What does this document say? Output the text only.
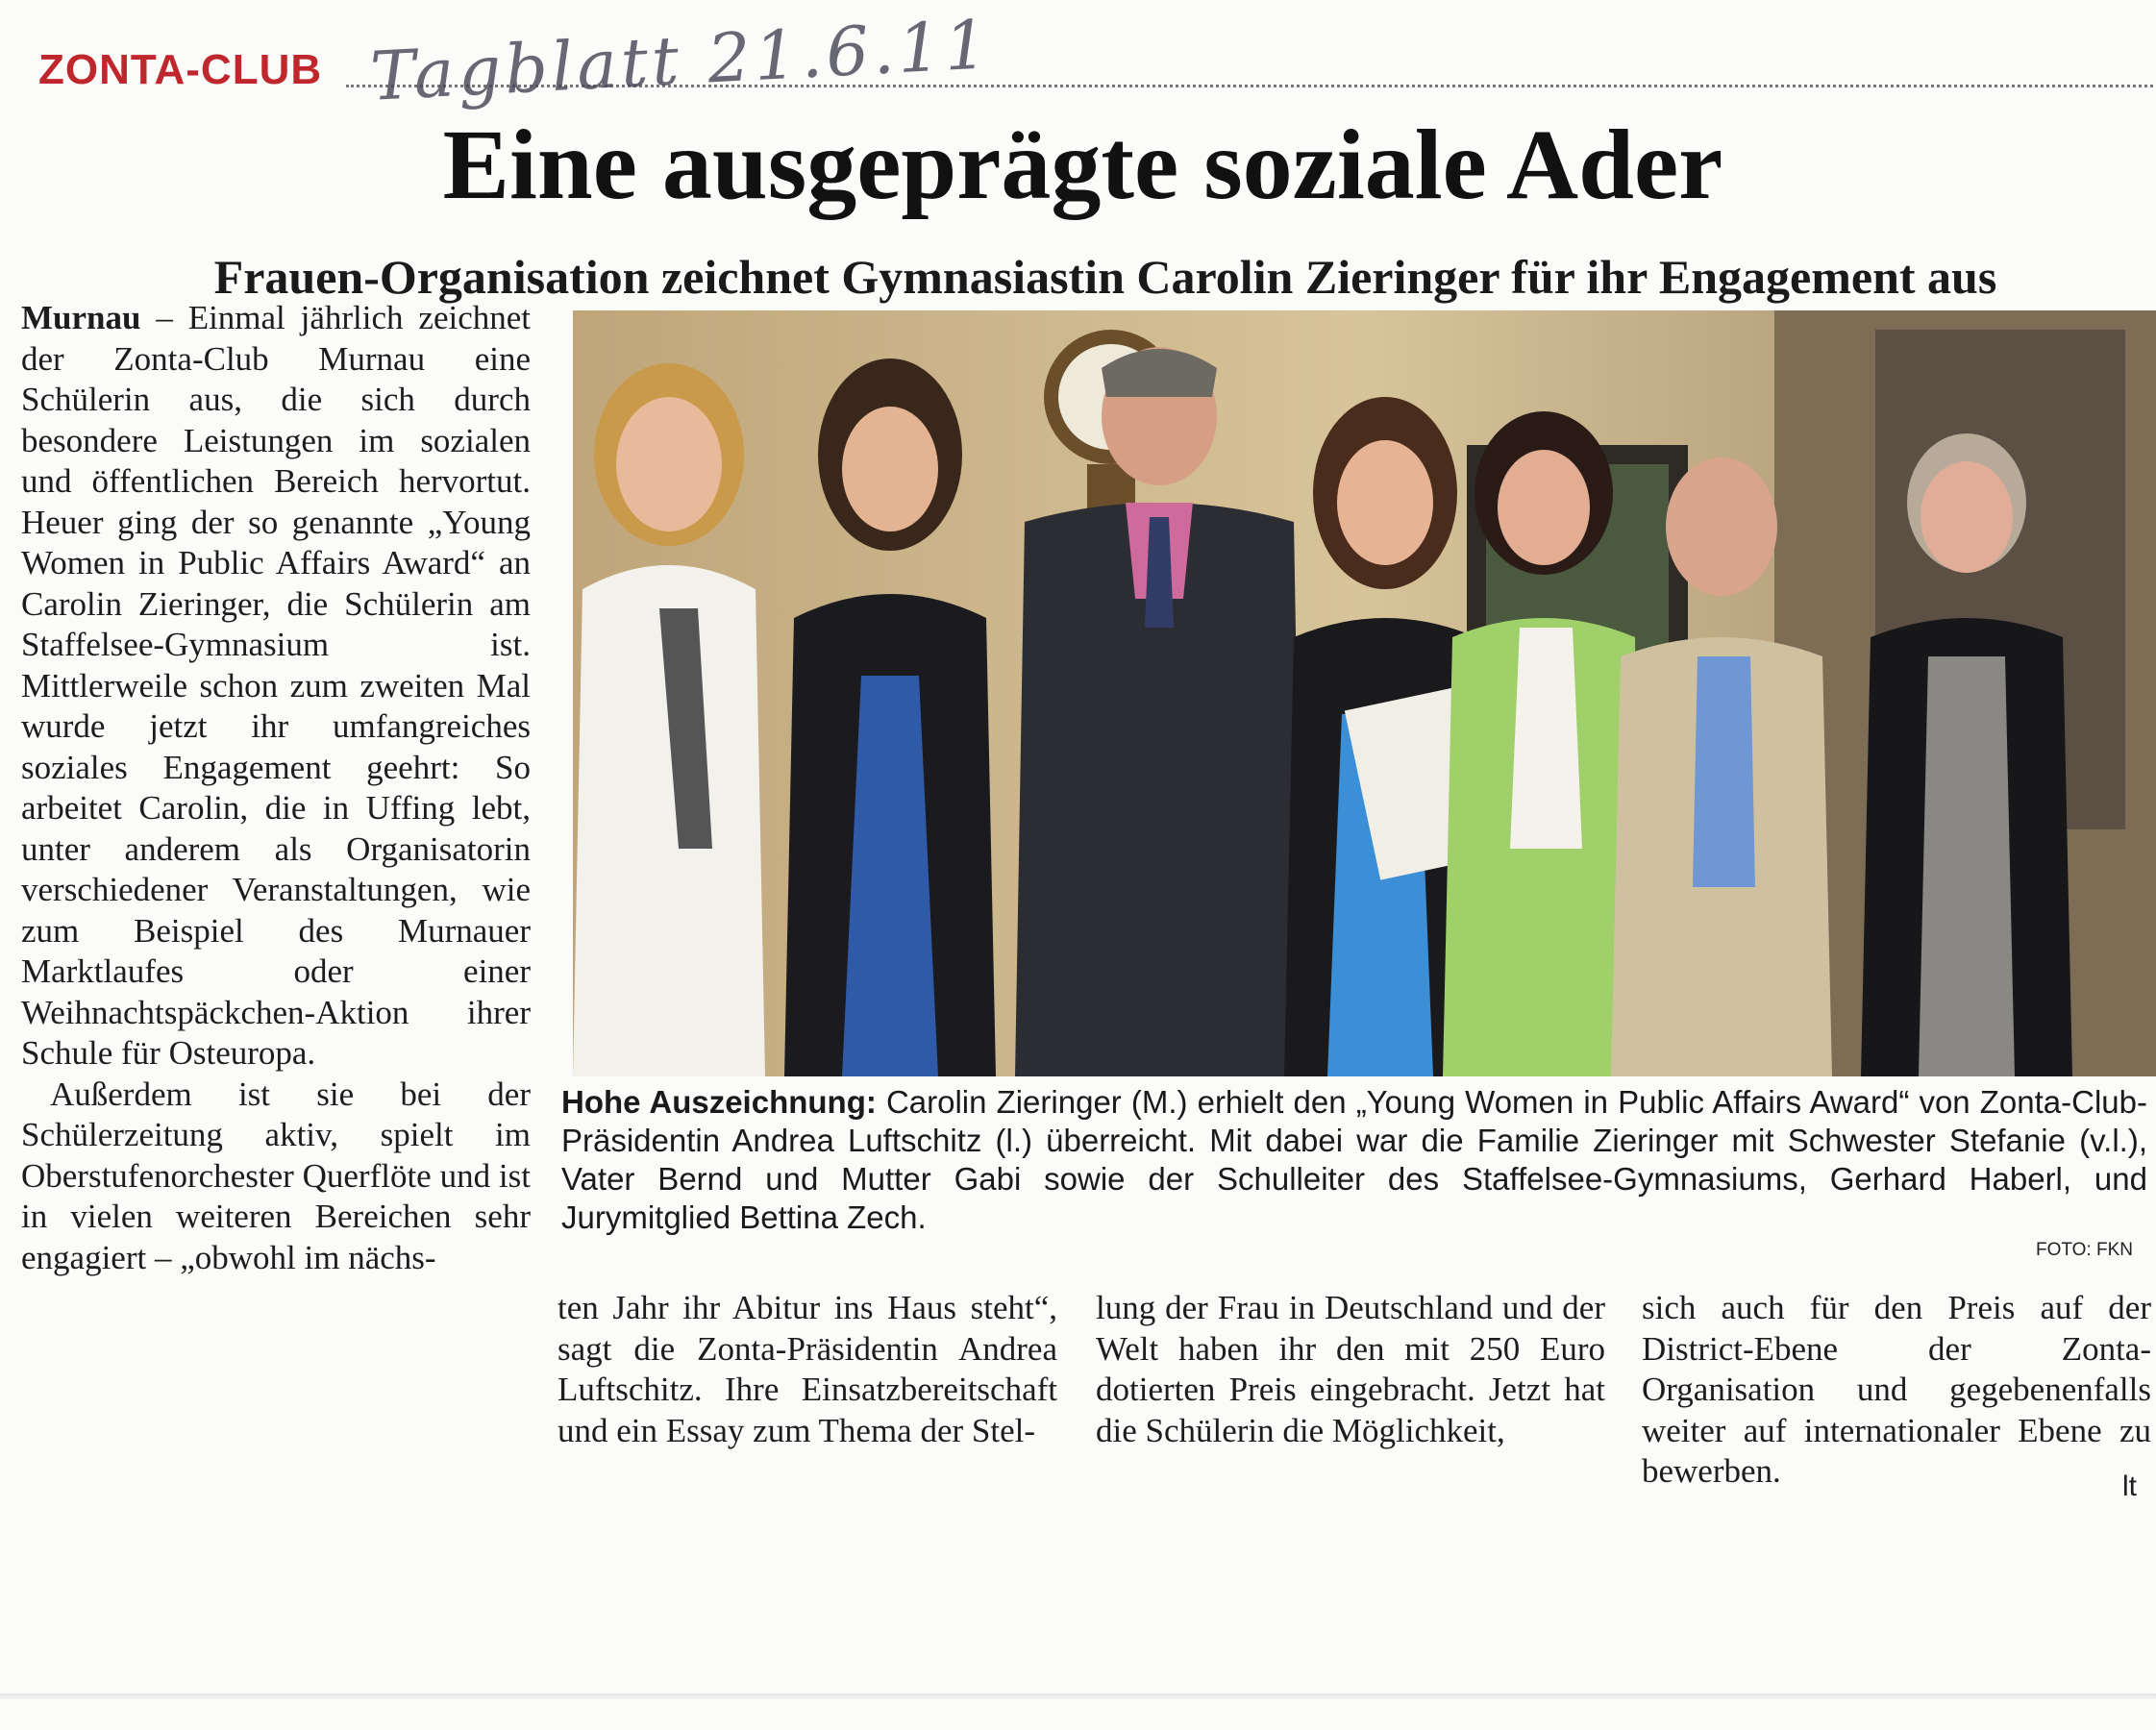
ZONTA-CLUB Tagblatt 21.6.11
Eine ausgeprägte soziale Ader
Frauen-Organisation zeichnet Gymnasiastin Carolin Zieringer für ihr Engagement aus

Murnau – Einmal jährlich zeichnet der Zonta-Club Murnau eine Schülerin aus, die sich durch besondere Leistungen im sozialen und öffentlichen Bereich hervortut. Heuer ging der so genannte „Young Women in Public Affairs Award“ an Carolin Zieringer, die Schülerin am Staffelsee-Gymnasium ist. Mittlerweile schon zum zweiten Mal wurde jetzt ihr umfangreiches soziales Engagement geehrt: So arbeitet Carolin, die in Uffing lebt, unter anderem als Organisatorin verschiedener Veranstaltungen, wie zum Beispiel des Murnauer Marktlaufes oder einer Weihnachtspäckchen-Aktion ihrer Schule für Osteuropa.

Außerdem ist sie bei der Schülerzeitung aktiv, spielt im Oberstufenorchester Querflöte und ist in vielen weiteren Bereichen sehr engagiert – „obwohl im nächs-

Hohe Auszeichnung: Carolin Zieringer (M.) erhielt den „Young Women in Public Affairs Award“ von Zonta-Club-Präsidentin Andrea Luftschitz (l.) überreicht. Mit dabei war die Familie Zieringer mit Schwester Stefanie (v.l.), Vater Bernd und Mutter Gabi sowie der Schulleiter des Staffelsee-Gymnasiums, Gerhard Haberl, und Jurymitglied Bettina Zech.
FOTO: FKN

ten Jahr ihr Abitur ins Haus steht“, sagt die Zonta-Präsidentin Andrea Luftschitz. Ihre Einsatzbereitschaft und ein Essay zum Thema der Stel-

lung der Frau in Deutschland und der Welt haben ihr den mit 250 Euro dotierten Preis eingebracht. Jetzt hat die Schülerin die Möglichkeit,

sich auch für den Preis auf der District-Ebene der Zonta-Organisation und gegebenenfalls weiter auf internationaler Ebene zu bewerben.	lt
